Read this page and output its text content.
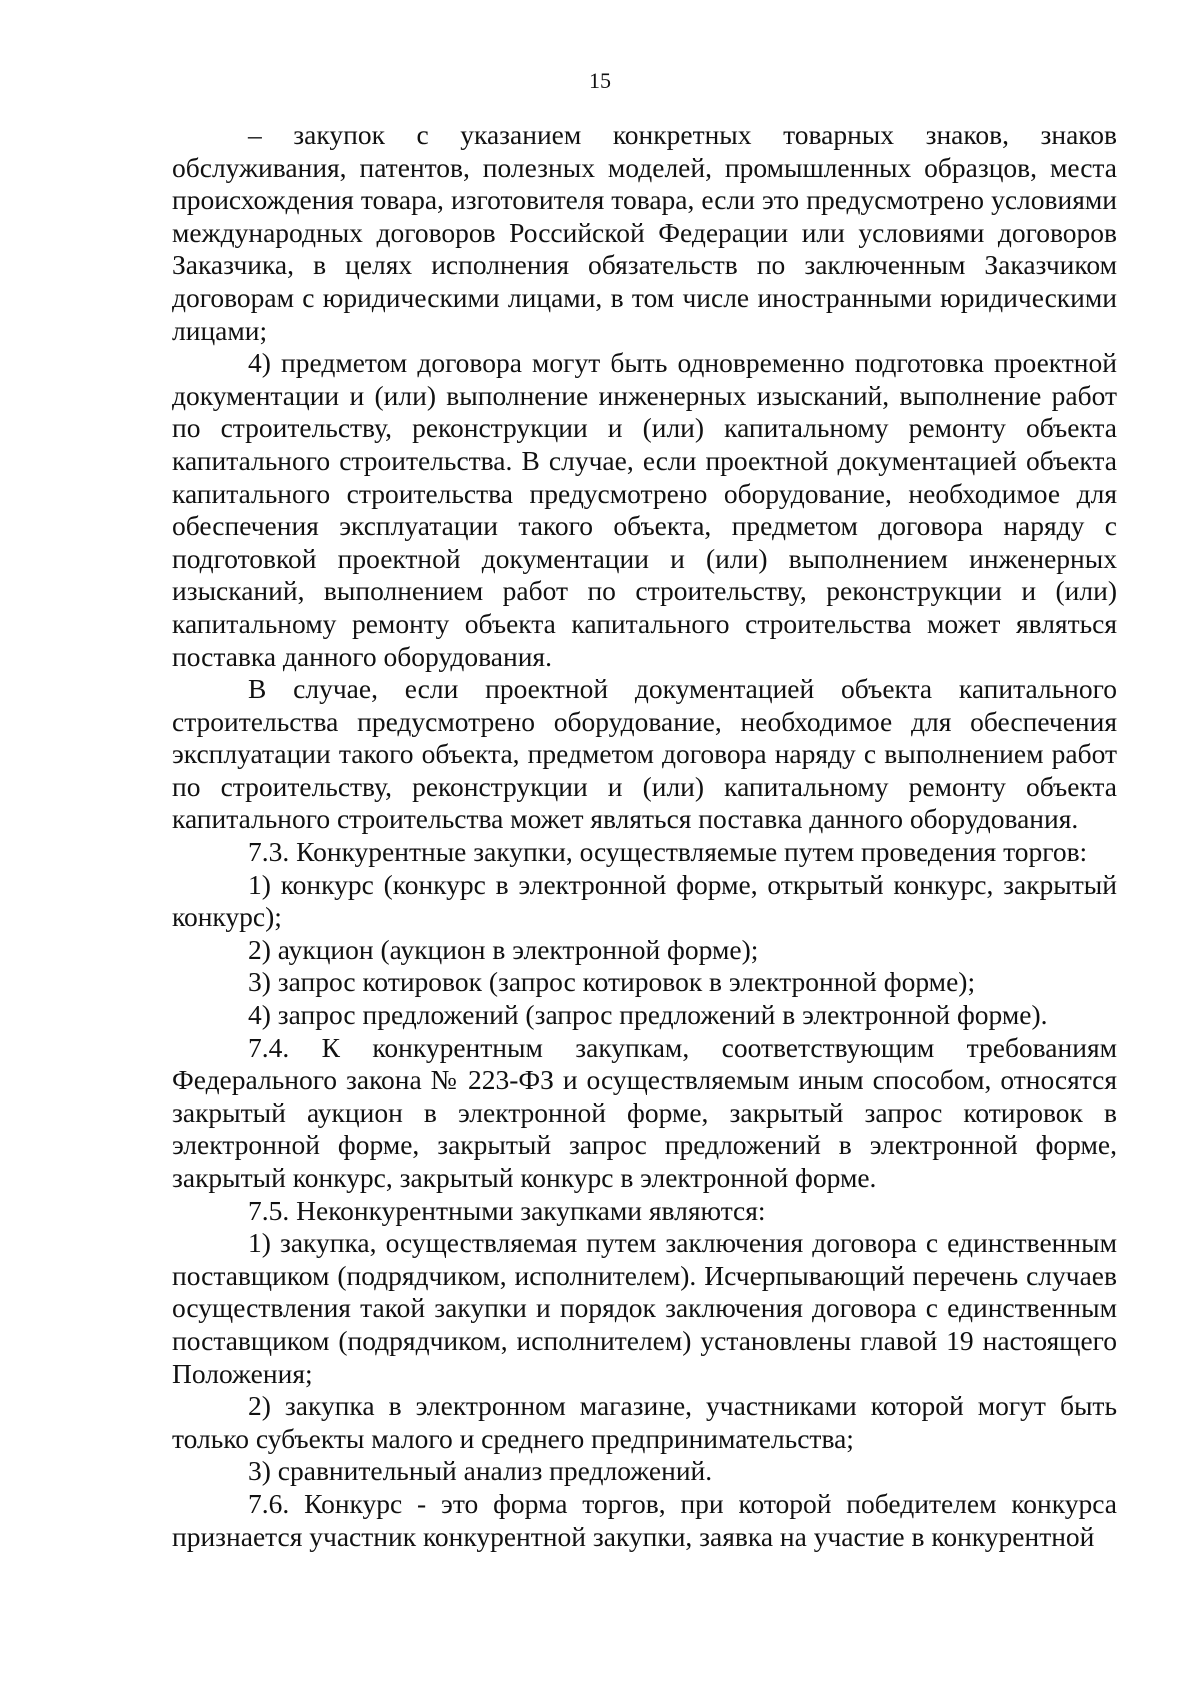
15

– закупок с указанием конкретных товарных знаков, знаков обслуживания, патентов, полезных моделей, промышленных образцов, места происхождения товара, изготовителя товара, если это предусмотрено условиями международных договоров Российской Федерации или условиями договоров Заказчика, в целях исполнения обязательств по заключенным Заказчиком договорам с юридическими лицами, в том числе иностранными юридическими лицами;

4) предметом договора могут быть одновременно подготовка проектной документации и (или) выполнение инженерных изысканий, выполнение работ по строительству, реконструкции и (или) капитальному ремонту объекта капитального строительства. В случае, если проектной документацией объекта капитального строительства предусмотрено оборудование, необходимое для обеспечения эксплуатации такого объекта, предметом договора наряду с подготовкой проектной документации и (или) выполнением инженерных изысканий, выполнением работ по строительству, реконструкции и (или) капитальному ремонту объекта капитального строительства может являться поставка данного оборудования.

В случае, если проектной документацией объекта капитального строительства предусмотрено оборудование, необходимое для обеспечения эксплуатации такого объекта, предметом договора наряду с выполнением работ по строительству, реконструкции и (или) капитальному ремонту объекта капитального строительства может являться поставка данного оборудования.

7.3. Конкурентные закупки, осуществляемые путем проведения торгов:

1) конкурс (конкурс в электронной форме, открытый конкурс, закрытый конкурс);

2) аукцион (аукцион в электронной форме);

3) запрос котировок (запрос котировок в электронной форме);

4) запрос предложений (запрос предложений в электронной форме).

7.4. К конкурентным закупкам, соответствующим требованиям Федерального закона № 223-ФЗ и осуществляемым иным способом, относятся закрытый аукцион в электронной форме, закрытый запрос котировок в электронной форме, закрытый запрос предложений в электронной форме, закрытый конкурс, закрытый конкурс в электронной форме.

7.5. Неконкурентными закупками являются:

1) закупка, осуществляемая путем заключения договора с единственным поставщиком (подрядчиком, исполнителем). Исчерпывающий перечень случаев осуществления такой закупки и порядок заключения договора с единственным поставщиком (подрядчиком, исполнителем) установлены главой 19 настоящего Положения;

2) закупка в электронном магазине, участниками которой могут быть только субъекты малого и среднего предпринимательства;

3) сравнительный анализ предложений.

7.6. Конкурс - это форма торгов, при которой победителем конкурса признается участник конкурентной закупки, заявка на участие в конкурентной
